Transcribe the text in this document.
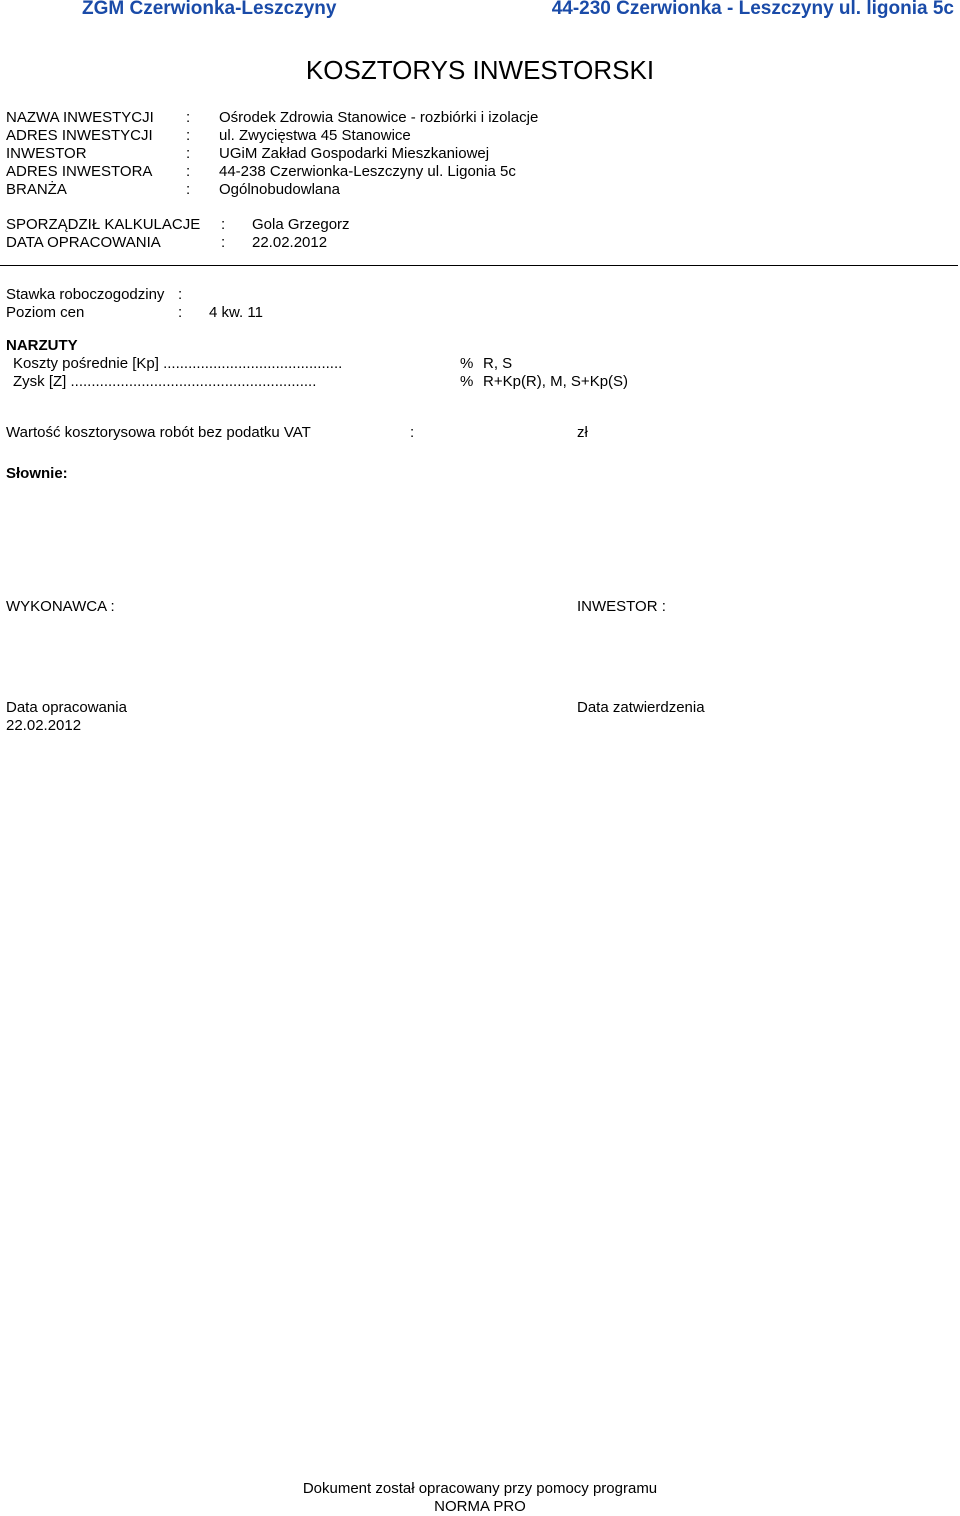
ZGM Czerwionka-Leszczyny	44-230 Czerwionka - Leszczyny ul. ligonia 5c
KOSZTORYS INWESTORSKI
NAZWA INWESTYCJI : Ośrodek Zdrowia Stanowice - rozbiórki i izolacje
ADRES INWESTYCJI : ul. Zwycięstwa 45 Stanowice
INWESTOR	: UGiM Zakład Gospodarki Mieszkaniowej
ADRES INWESTORA : 44-238 Czerwionka-Leszczyny ul. Ligonia 5c
BRANŻA	: Ogólnobudowlana
SPORZĄDZIŁ KALKULACJE : Gola Grzegorz
DATA OPRACOWANIA	: 22.02.2012
Stawka roboczogodziny :
Poziom cen	: 4 kw. 11
NARZUTY
Koszty pośrednie [Kp] ...........................................	% R, S
Zysk [Z] ...........................................................	% R+Kp(R), M, S+Kp(S)
Wartość kosztorysowa robót bez podatku VAT	:	zł
Słownie:
WYKONAWCA :	INWESTOR :
Data opracowania
22.02.2012
Data zatwierdzenia
Dokument został opracowany przy pomocy programu
NORMA PRO
